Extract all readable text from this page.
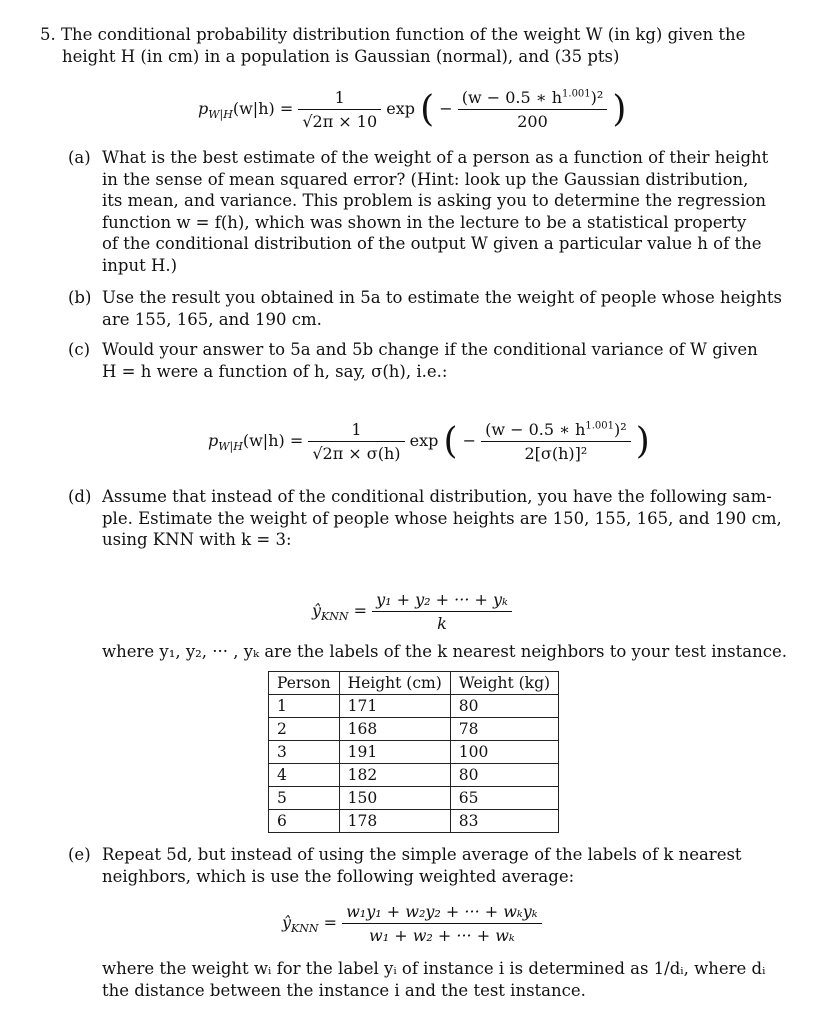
5. The conditional probability distribution function of the weight W (in kg) given the
height H (in cm) in a population is Gaussian (normal), and (35 pts)
$p_{W|H}(w|h) = \frac{1}{√2\pi \times 10}$ exp ( − $\frac{(w - 0.5 ∗ h^{1.001})^2}{200}$ )
(a) What is the best estimate of the weight of a person as a function of their height
in the sense of mean squared error? (Hint: look up the Gaussian distribution,
its mean, and variance. This problem is asking you to determine the regression
function w = f(h), which was shown in the lecture to be a statistical property
of the conditional distribution of the output W given a particular value h of the
input H.)
(b) Use the result you obtained in 5a to estimate the weight of people whose heights
are 155, 165, and 190 cm.
(c) Would your answer to 5a and 5b change if the conditional variance of W given
H = h were a function of h, say, σ(h), i.e.:
$p_{W|H}(w|h) = \frac{1}{√2\pi \times \sigma(h)}$ exp ( − $\frac{(w - 0.5 ∗ h^{1.001})^2}{\text{2[σ(h)]²}}$ )
(d) Assume that instead of the conditional distribution, you have the following sam-
ple. Estimate the weight of people whose heights are 150, 155, 165, and 190 cm,
using KNN with k = 3:
$ŷ_{KNN} = \frac{\text{y₁ + y₂ + ··· + yₖ}}{k}$
where y₁, y₂, ··· , yₖ are the labels of the k nearest neighbors to your test instance.
Person	Height (cm)	Weight (kg)
1	171	80
2	168	78
3	191	100
4	182	80
5	150	65
6	178	83
(e) Repeat 5d, but instead of using the simple average of the labels of k nearest
neighbors, which is use the following weighted average:
$ŷ_{KNN} = \frac{\text{w₁y₁ + w₂y₂ + ··· + wₖyₖ}}{\text{w₁ + w₂ + ··· + wₖ}}$
where the weight wᵢ for the label yᵢ of instance i is determined as 1/dᵢ, where dᵢ
the distance between the instance i and the test instance.
